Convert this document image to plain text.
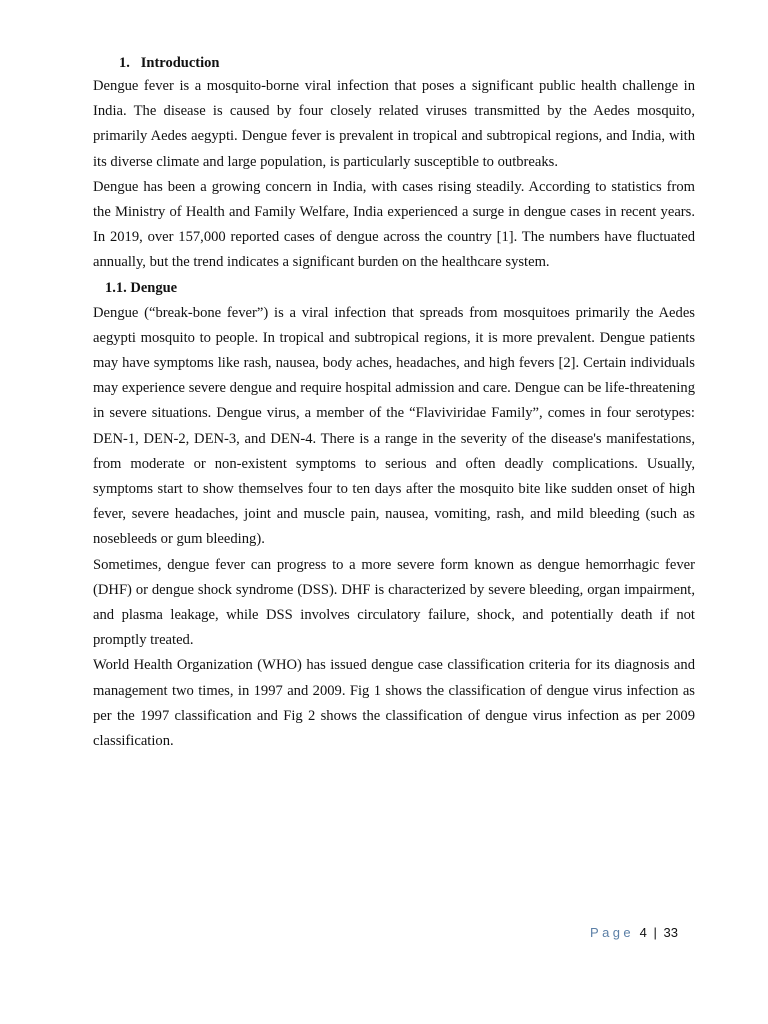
1. Introduction

Dengue fever is a mosquito-borne viral infection that poses a significant public health challenge in India. The disease is caused by four closely related viruses transmitted by the Aedes mosquito, primarily Aedes aegypti. Dengue fever is prevalent in tropical and subtropical regions, and India, with its diverse climate and large population, is particularly susceptible to outbreaks.

Dengue has been a growing concern in India, with cases rising steadily. According to statistics from the Ministry of Health and Family Welfare, India experienced a surge in dengue cases in recent years. In 2019, over 157,000 reported cases of dengue across the country [1]. The numbers have fluctuated annually, but the trend indicates a significant burden on the healthcare system.

1.1. Dengue

Dengue (“break-bone fever”) is a viral infection that spreads from mosquitoes primarily the Aedes aegypti mosquito to people. In tropical and subtropical regions, it is more prevalent. Dengue patients may have symptoms like rash, nausea, body aches, headaches, and high fevers [2]. Certain individuals may experience severe dengue and require hospital admission and care. Dengue can be life-threatening in severe situations. Dengue virus, a member of the “Flaviviridae Family”, comes in four serotypes: DEN-1, DEN-2, DEN-3, and DEN-4. There is a range in the severity of the disease's manifestations, from moderate or non-existent symptoms to serious and often deadly complications. Usually, symptoms start to show themselves four to ten days after the mosquito bite like sudden onset of high fever, severe headaches, joint and muscle pain, nausea, vomiting, rash, and mild bleeding (such as nosebleeds or gum bleeding).

Sometimes, dengue fever can progress to a more severe form known as dengue hemorrhagic fever (DHF) or dengue shock syndrome (DSS). DHF is characterized by severe bleeding, organ impairment, and plasma leakage, while DSS involves circulatory failure, shock, and potentially death if not promptly treated.

World Health Organization (WHO) has issued dengue case classification criteria for its diagnosis and management two times, in 1997 and 2009. Fig 1 shows the classification of dengue virus infection as per the 1997 classification and Fig 2 shows the classification of dengue virus infection as per 2009 classification.

Page 4 | 33
